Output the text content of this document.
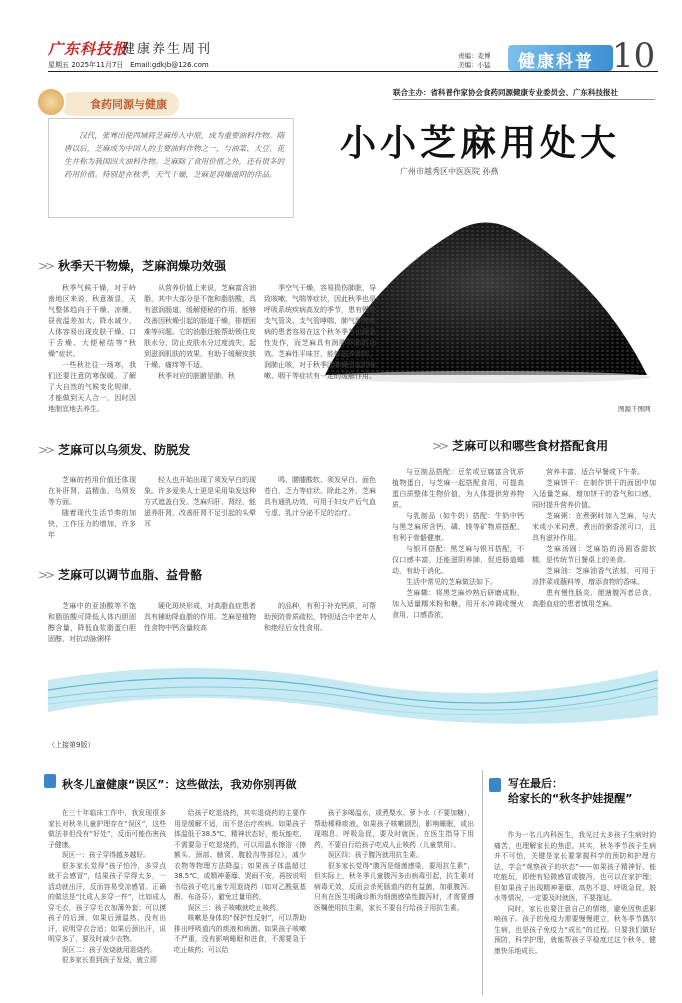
广东科技报
健康养生周刊
星期五 2025年11月7日 Email:gdkjb@126.com
责编：麦博
美编：小猛	健康科普 10
联合主办：省科普作家协会食药同源健康专业委员会、广东科技报社
食药同源与健康
汉代，张骞出使西域将芝麻传入中原，成为重要油料作物。隋唐以后，芝麻成为中国人的主要油料作物之一，与油菜、大豆、花生并称为我国四大油料作物。芝麻除了食用价值之外，还有很多的药用价值。特别是在秋季，天气干燥，芝麻是润燥滋阴的佳品。
小小芝麻用处大
广州市越秀区中医医院 孙燕
图源千图网
>> 秋季天干物燥，芝麻润燥功效强

秋季气候干燥，对于岭南地区来说，秋意渐显，天气整体趋向于干燥、凉燥，昼夜温差加大，降水减少。人体容易出现皮肤干燥、口干舌燥、大便秘结等“秋燥”症状。

一些秋社往一场寒，我们还要注意防寒保暖。了解了大自然的气候变化规律，才能做到天人合一，因时因地制宜地去养生。

从营养价值上来说，芝麻富含油脂，其中大部分是不饱和脂肪酸，具有滋润肠道，缓解便秘的作用，能够改善因秋燥引起的肠道干燥，排便困难等问题。它的油脂还能帮助锁住皮肤水分，防止皮肤水分过度流失，起到滋润肌肤的效果，有助于缓解皮肤干燥、瘙痒等不适。

秋季对应的脏腑是肺，秋

季空气干燥，容易损伤肺脏，导致咳嗽、气喘等症状，因此秋季也是呼吸系统疾病高发的季节，患有慢性支气管炎、支气管哮喘、肺气肿等疾病的患者容易在这个秋冬季节出现急性发作，而芝麻具有润肺养肺的功效。芝麻性平味甘，能够滋养肺阴，润肺止咳，对于秋季因肺燥引起的咳嗽、咽干等症状有一定的缓解作用。
>> 芝麻可以乌须发、防脱发

芝麻的药用价值还体现在补肝肾，益精血，乌须发等方面。

随着现代生活节奏的加快，工作压力的增加，许多年

轻人也开始出现了须发早白的现象。许多爱美人士更是采用染发这种方式遮盖白发。芝麻归肝、肾经，能滋养肝肾，改善肝肾不足引起的头晕耳
鸣、腰膝酸软、须发早白、面色苍白，乏力等症状。除此之外，芝麻具有通乳功效，可用于妇女产后气血亏虚、乳汁分泌不足的治疗。
>> 芝麻可以调节血脂、益骨骼
芝麻中的亚油酸等不饱和脂肪酸可降低人体内胆固醇含量，降低血浆脂蛋白胆固醇，对抗动脉粥样
硬化斑块形成，对高脂血症患者具有辅助降血脂的作用。芝麻是植物性食物中钙含量较高
的品种，有利于补充钙质，可帮助预防骨质疏松，特别适合中老年人和绝经后女性食用。
>> 芝麻可以和哪些食材搭配食用

与豆制品搭配：豆浆或豆腐富含优质植物蛋白，与芝麻一起搭配食用，可提高蛋白质整体生物价值，为人体提供营养物质。

与乳制品（如牛奶）搭配：牛奶中钙与黑芝麻所含钙、磷、镁等矿物质搭配，有利于骨骼健康。

与银耳搭配：黑芝麻与银耳搭配，不仅口感丰富，还能滋阴养肺，促进肠道蠕动，有助于消化。

生活中常见的芝麻做法如下。

芝麻糊：将黑芝麻炒熟后研磨成粉，加入适量糯米粉和糖，用开水冲调或慢火食用，口感香浓，

营养丰富，适合早餐或下午茶。

芝麻饼干：在制作饼干的面团中加入适量芝麻，增加饼干的香气和口感，同时提升营养价值。

芝麻粥：在煮粥时加入芝麻，与大米或小米同煮，煮出的粥香浓可口，且具有滋补作用。

芝麻汤圆：芝麻馅的汤圆香甜软糯，是传统节日餐桌上的美食。

芝麻油：芝麻油香气浓郁，可用于凉拌菜或蘸料等，增添食物的香味。

患有慢性肠炎、便溏腹泻者忌食，高脂血症的患者慎用芝麻。

（上接第9版）
秋冬儿童健康“误区”：这些做法，我劝你别再做

在三十年临床工作中，我发现很多家长对秋冬儿童护理存在“误区”，这些做法非但没有“好处”，反而可能伤害孩子健康。

误区一：孩子穿得越多越好。

很多家长觉得“孩子怕冷，多穿点就不会感冒”，结果孩子穿得太多，一活动就出汗，反而容易受凉感冒。正确的做法是“比成人多穿一件”，比如成人穿毛衣，孩子穿毛衣加薄外套；可以摸孩子的后颈，如果后颈温热、没有出汗，说明穿衣合适；如果后颈出汗，说明穿多了，要及时减少衣物。

误区二：孩子发烧就用退烧药。

很多家长看到孩子发烧，就立即

给孩子吃退烧药，其实退烧药的主要作用是缓解不适，而不是治疗疾病。如果孩子体温低于38.5℃，精神状态好，能玩能吃，不需要急于吃退烧药，可以用温水擦浴（擦额头、颈部、腋窝、腹股沟等部位），减少衣物等物理方法降温；如果孩子体温超过38.5℃，或精神萎靡、哭闹不安，再按说明书给孩子吃儿童专用退烧药（如对乙酰氨基酚、布洛芬），避免过量用药。

误区三：孩子咳嗽就吃止咳药。

咳嗽是身体的“保护性反射”，可以帮助排出呼吸道内的痰液和病菌。如果孩子咳嗽不严重，没有影响睡眠和进食，不需要急于吃止咳药；可以给

孩子多喝温水，或煮梨水、萝卜水（不要加糖），帮助稀释痰液。如果孩子咳嗽剧烈，影响睡眠，或出现喘息、呼吸急促，要及时就医，在医生指导下用药，不要自行给孩子吃成人止咳药（儿童禁用）。

误区四：孩子腹泻就用抗生素。

很多家长觉得“腹泻是细菌感染，要用抗生素”，但实际上，秋冬季儿童腹泻多由病毒引起，抗生素对病毒无效，反而会杀死肠道内的有益菌，加重腹泻。只有在医生明确诊断为细菌感染性腹泻时，才需要遵医嘱使用抗生素，家长不要自行给孩子用抗生素。

写在最后：
给家长的“秋冬护娃提醒”

作为一名儿内科医生，我见过太多孩子生病时的痛苦，也理解家长的焦虑。其实，秋冬季节孩子生病并不可怕，关键是家长要掌握科学的预防和护理方法，学会“观察孩子的状态”——如果孩子精神好、能吃能玩，即使有轻微感冒或腹泻，也可以在家护理；但如果孩子出现精神萎靡、高热不退、呼吸急促、脱水等情况，一定要及时就医，不要拖延。

同时，家长也要注意自己的情绪，避免因焦虑影响孩子。孩子的免疫力需要慢慢建立，秋冬季节偶尔生病，也是孩子免疫力“成长”的过程。只要我们做好预防，科学护理，就能帮孩子平稳度过这个秋冬，健康快乐地成长。
